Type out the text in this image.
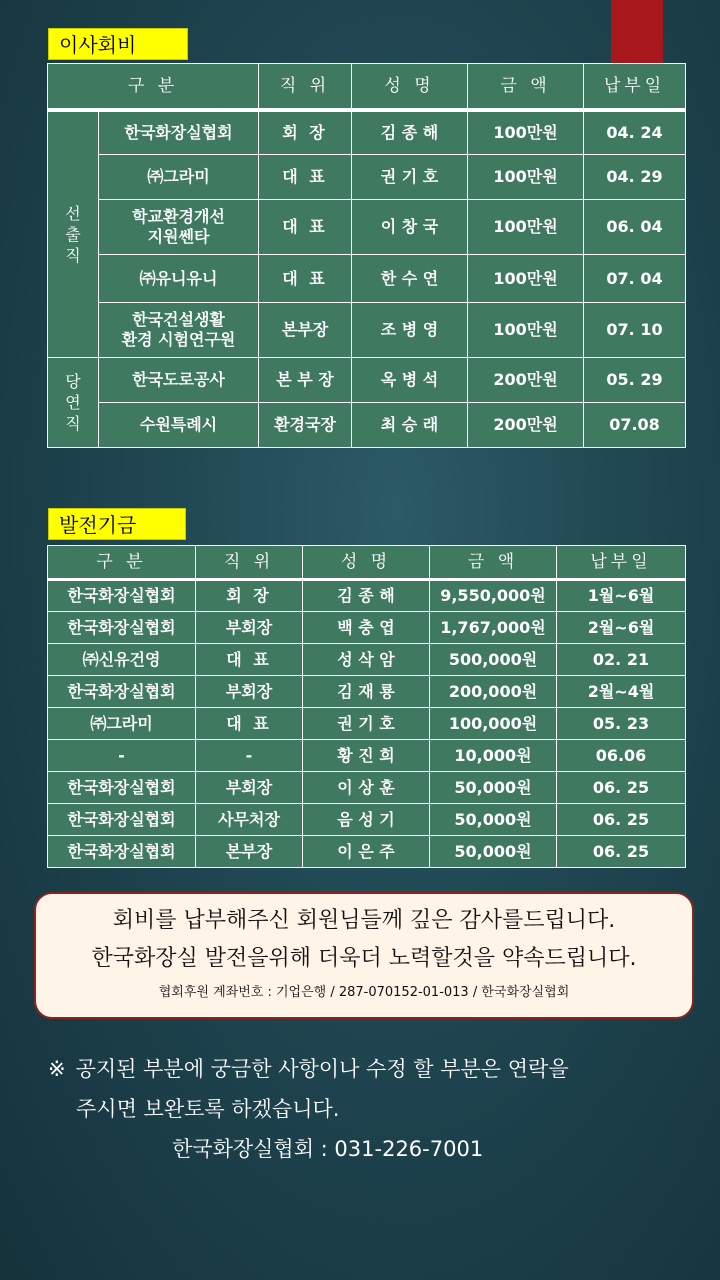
이사회비
구 분		직 위	성 명	금 액	납부일

선
출
직	한국화장실협회	회 장	김 종 해	100만원	04. 24
	㈜그라미	대 표	권 기 호	100만원	04. 29

	학교환경개선
지원쎈타	대 표	이 창 국	100만원	06. 04
	㈜유니유니	대 표	한 수 연	100만원	07. 04

	한국건설생활
환경 시험연구원	본부장	조 병 영	100만원	07. 10

당
연
직	한국도로공사	본 부 장	옥 병 석	200만원	05. 29
	수원특례시	환경국장	최 승 래	200만원	07.08
발전기금
구 분	직 위	성 명	금 액	납부일
한국화장실협회	회 장	김 종 해	9,550,000원	1월~6월
한국화장실협회	부회장	백 충 엽	1,767,000원	2월~6월
㈜신유건영	대 표	성 삭 암	500,000원	02. 21
한국화장실협회	부회장	김 재 룡	200,000원	2월~4월
㈜그라미	대 표	권 기 호	100,000원	05. 23
-	-	황 진 희	10,000원	06.06
한국화장실협회	부회장	이 상 훈	50,000원	06. 25
한국화장실협회	사무처장	음 성 기	50,000원	06. 25
한국화장실협회	본부장	이 은 주	50,000원	06. 25
회비를 납부해주신 회원님들께 깊은 감사를드립니다.
한국화장실 발전을위해 더욱더 노력할것을 약속드립니다.
협회후원 계좌번호 : 기업은행 / 287-070152-01-013 / 한국화장실협회
※ 공지된 부분에 궁금한 사항이나 수정 할 부분은 연락을
주시면 보완토록 하겠습니다.
한국화장실협회 : 031-226-7001
